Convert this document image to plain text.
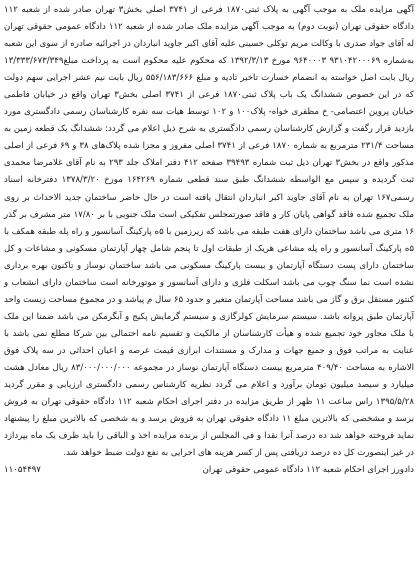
آگهی مزایده ملک به موجب آگهی به پلاک ثبتی۱۸۷۰ فرعی از ۳۷۴۱ اصلی بخش۳ تهران صادر شده از شعبه ۱۱۲ دادگاه حقوقی تهران (نوبت دوم) به موجب آگهی مزایده ملک صادر شده از شعبه ۱۱۲ دادگاه عمومی حقوقی تهران له آقای جواد صدری با وکالت مریم توکلی حسینی علیه آقای اکبر جاوید انباردان در اجرائیه صادره از سوی این شعبه به‌شماره ۹۳۱۰۴۲۰۰۰۶۹ ۹۶۴۰۰۰۳ مورخ ۱۳۹۲/۳/۱۳ که محکوم علیه محکوم است به پرداخت مبلغ۱۳/۳۳۳/۶۷۳/۳۴۹ ریال بابت اصل خواسته به انضمام خسارت تاخیر تادیه و مبلغ ۵۵۶/۱۸۳/۶۶۶ ریال بابت نیم عشر اجرایی سهم دولت که در این خصوص ششدانگ یک باب پلاک ثبتی۱۸۷۰ فرعی از ۳۷۴۱ اصلی بخش۳ تهران واقع در خیابان فاطمی خیابان پروین اعتصامی- خ مظفری خواه- پلاک۱۰۰ و ۱۰۲ توسط هیات سه نفره کارشناسان رسمی دادگستری مورد بازدید قرار رگفت و گزارش کارشناسان رسمی دادگستری به شرح ذیل اعلام می گردد: ششدانگ یک قطعه زمین به مساحت ۲۳۱/۴ مترمربع به شماره ۱۸۷۰ فرعی از ۳۷۴۱ اصلی مفروز و مجزا شده پلاک‌های ۳۸ و ۶۹ فرعی از اصلی مذکور واقع در بخش۳ تهران ذیل ثبت شماره ۳۹۴۹۳ صفحه ۴۱۲ دفتر املاک جلد ۲۹۳ به نام آقای غلامرضا محمدی ثبت گردیده و سپس مع الواسطه ششدانگ طبق سند قطعی شماره ۱۶۴۲۶۹ مورخ ۱۳۷۸/۳/۲۰ دفترخانه اسناد رسمی۱۶۷ تهران به نام آقای جاوید اکبر انباردان انتقال یافته است در حال حاضر ساختمان جدید الاحداث بر روی ملک تجمیع شده فاقد گواهی پایان کار و فاقد صورتمجلس تفکیکی است ملک جنوبی با بر ۱۷/۸۰ متر مشرف بر گذر ۱۶ متری می باشد ساختمان دارای هفت طبقه می باشد که زیرزمین با ۵ه پارکینگ آسانسور و راه پله طبقه همکف با ۵ه پارکینگ آسانسور و راه پله مشاعی هریک از طبقات اول تا پنجم شامل چهار آپارتمان مسکونی و مشاعات و کل ساختمان دارای پست دستگاه آپارتمان و بیست پارکینگ مسکونی می باشد ساختمان نوساز و تاکنون بهره برداری نشده است نما سنگ چوب می باشد اسکلت فلزی و دارای آسانسور و موتورخانه است ساختمان دارای انشعاب و کنتور مستقل برق و گاز می باشد مساحت آپارتمان متغیر و حدود ۶۵ سال م پیاشد و در مجموع مساحت زیست واحد آپارتمان طبق پروانه باشد. سیستم سرمایش کولرگازی و سیستم گرمایش پکیج و آبگرمکن می باشد ضمنا این ملک با ملک مجاور خود تجمیع شده و هیأت کارشناسان از مالکیت و تقسیم نامه احتمالی بین شرکا مطلع نمی باشد با عنایت به مراتب فوق و جمیع جهات و مدارک و مستندات ابرازی قیمت عرصه و اعیان احداثی در سه پلاک فوق الاشاره به مساحت ۴۰۹/۴۰ مترمربع بیست دستگاه آپارتمان نوساز در مجموعه ۸۳/۰۰۰/۰۰۰/۰۰۰ ریال معادل هشت میلیارد و سیصد میلیون تومان برآورد و اعلام می گردد نظریه کارشناس رسمی دادگستری ارزیابی و مقرر گردید ۱۳۹۵/۵/۲۸ راس ساعت ۱۱ ظهر از طریق مزایده در دفتر اجرای احکام شعبه ۱۱۲ دادگاه حقوقی تهران به فروش برسد و مشخصی که بالاترین مبلغ ۱۱ دادگاه حقوقی تهران به فروش برسد و به شخصی که بالاترین مبلغ را پیشنهاد نماید فروخته خواهد شد ده درصد آنرا نقدا و فی المجلس از برنده مزایده اخذ و الباقی را باید ظرف یک ماه بپردازد در غیر اینصورت کل ده درصد دریافتی پس از کسر هزینه های اجرایی به نفع دولت ضبط خواهد شد.

دادورز اجرای احکام شعبه ۱۱۲ دادگاه عمومی حقوقی تهران
۱۱۰۵۴۴۹۷
